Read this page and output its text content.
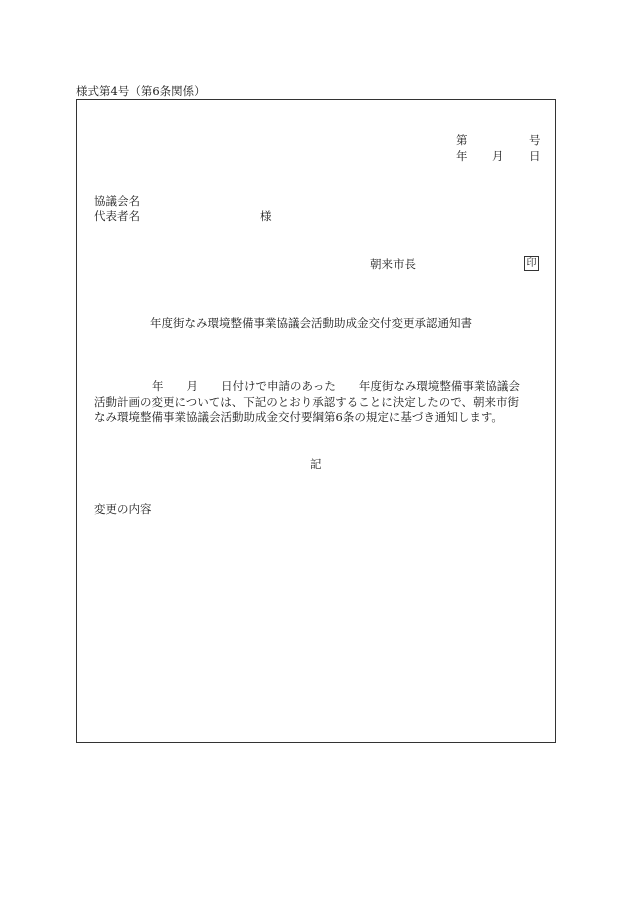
様式第4号（第6条関係）
第	号
年 月 日
協議会名
代表者名	様
朝来市長	印
年度街なみ環境整備事業協議会活動助成金交付変更承認通知書
年　　月　　日付けで申請のあった　　年度街なみ環境整備事業協議会
活動計画の変更については、下記のとおり承認することに決定したので、朝来市街
なみ環境整備事業協議会活動助成金交付要綱第6条の規定に基づき通知します。
記
変更の内容
